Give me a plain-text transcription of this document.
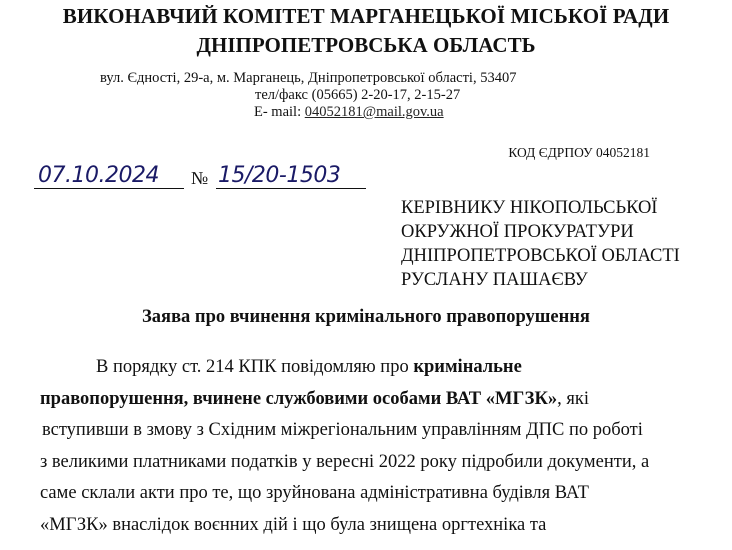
ВИКОНАВЧИЙ КОМІТЕТ МАРГАНЕЦЬКОЇ МІСЬКОЇ РАДИ
ДНІПРОПЕТРОВСЬКА ОБЛАСТЬ
вул. Єдності, 29-а, м. Марганець, Дніпропетровської області, 53407
тел/факс (05665) 2-20-17, 2-15-27
E- mail: 04052181@mail.gov.ua
КОД ЄДРПОУ 04052181
07.10.2024 № 15/20-1503
КЕРІВНИКУ НІКОПОЛЬСЬКОЇ
ОКРУЖНОЇ ПРОКУРАТУРИ
ДНІПРОПЕТРОВСЬКОЇ ОБЛАСТІ
РУСЛАНУ ПАШАЄВУ
Заява про вчинення кримінального правопорушення
В порядку ст. 214 КПК повідомляю про кримінальне
правопорушення, вчинене службовими особами ВАТ «МГЗК», які
вступивши в змову з Східним міжрегіональним управлінням ДПС по роботі
з великими платниками податків у вересні 2022 року підробили документи, а
саме склали акти про те, що зруйнована адміністративна будівля ВАТ
«МГЗК» внаслідок воєнних дій і що була знищена оргтехніка та
